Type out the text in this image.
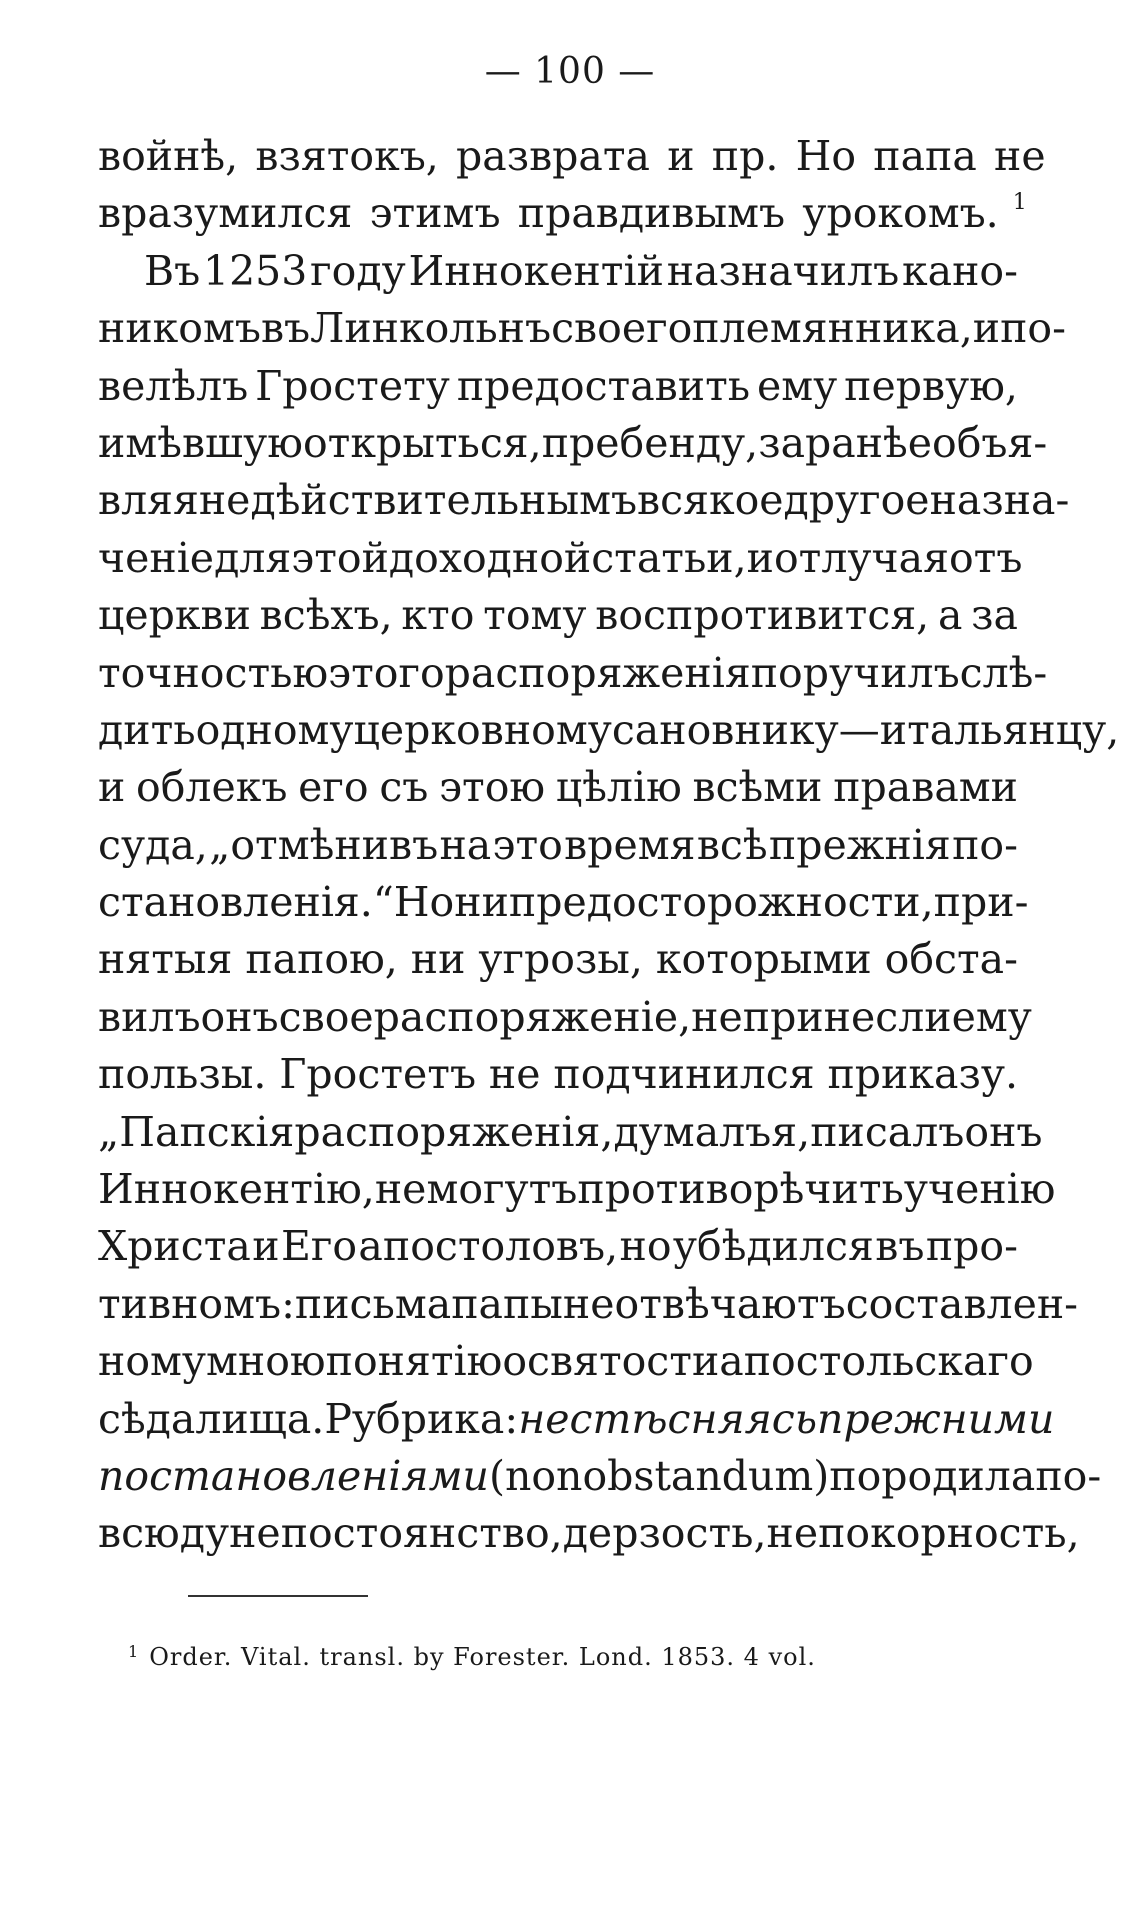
— 100 —
войнѣ, взятокъ, разврата и пр. Но папа не
вразумился этимъ правдивымъ урокомъ. 1
Въ 1253 году Иннокентій назначилъ кано-
никомъ въ Линкольнъ своего племянника, и по-
велѣлъ Гростету предоставить ему первую,
имѣвшую открыться, пребенду, заранѣе объя-
вляя недѣйствительнымъ всякое другое назна-
ченіе для этой доходной статьи, и отлучая отъ
церкви всѣхъ, кто тому воспротивится, а за
точностью этого распоряженія поручилъ слѣ-
дить одному церковному сановнику—итальянцу,
и облекъ его съ этою цѣлію всѣми правами
суда, „отмѣнивъ на это время всѣ прежнія по-
становленія.“ Но ни предосторожности, при-
нятыя папою, ни угрозы, которыми обста-
вилъ онъ свое распоряженіе, не принесли ему
пользы. Гростетъ не подчинился приказу.
„Папскія распоряженія, думалъ я, писалъ онъ
Иннокентію, не могутъ противорѣчить ученію
Христа и Его апостоловъ, но убѣдился въ про-
тивномъ: письма папы не отвѣчаютъ составлен-
ному мною понятію о святости апостольскаго
сѣдалища. Рубрика: не стѣсняясь прежними
постановленіями (non obstandum) породила по-
всюду непостоянство, дерзость, непокорность,
$^1$ Order. Vital. transl. by Forester. Lond. 1853. 4 vol.
